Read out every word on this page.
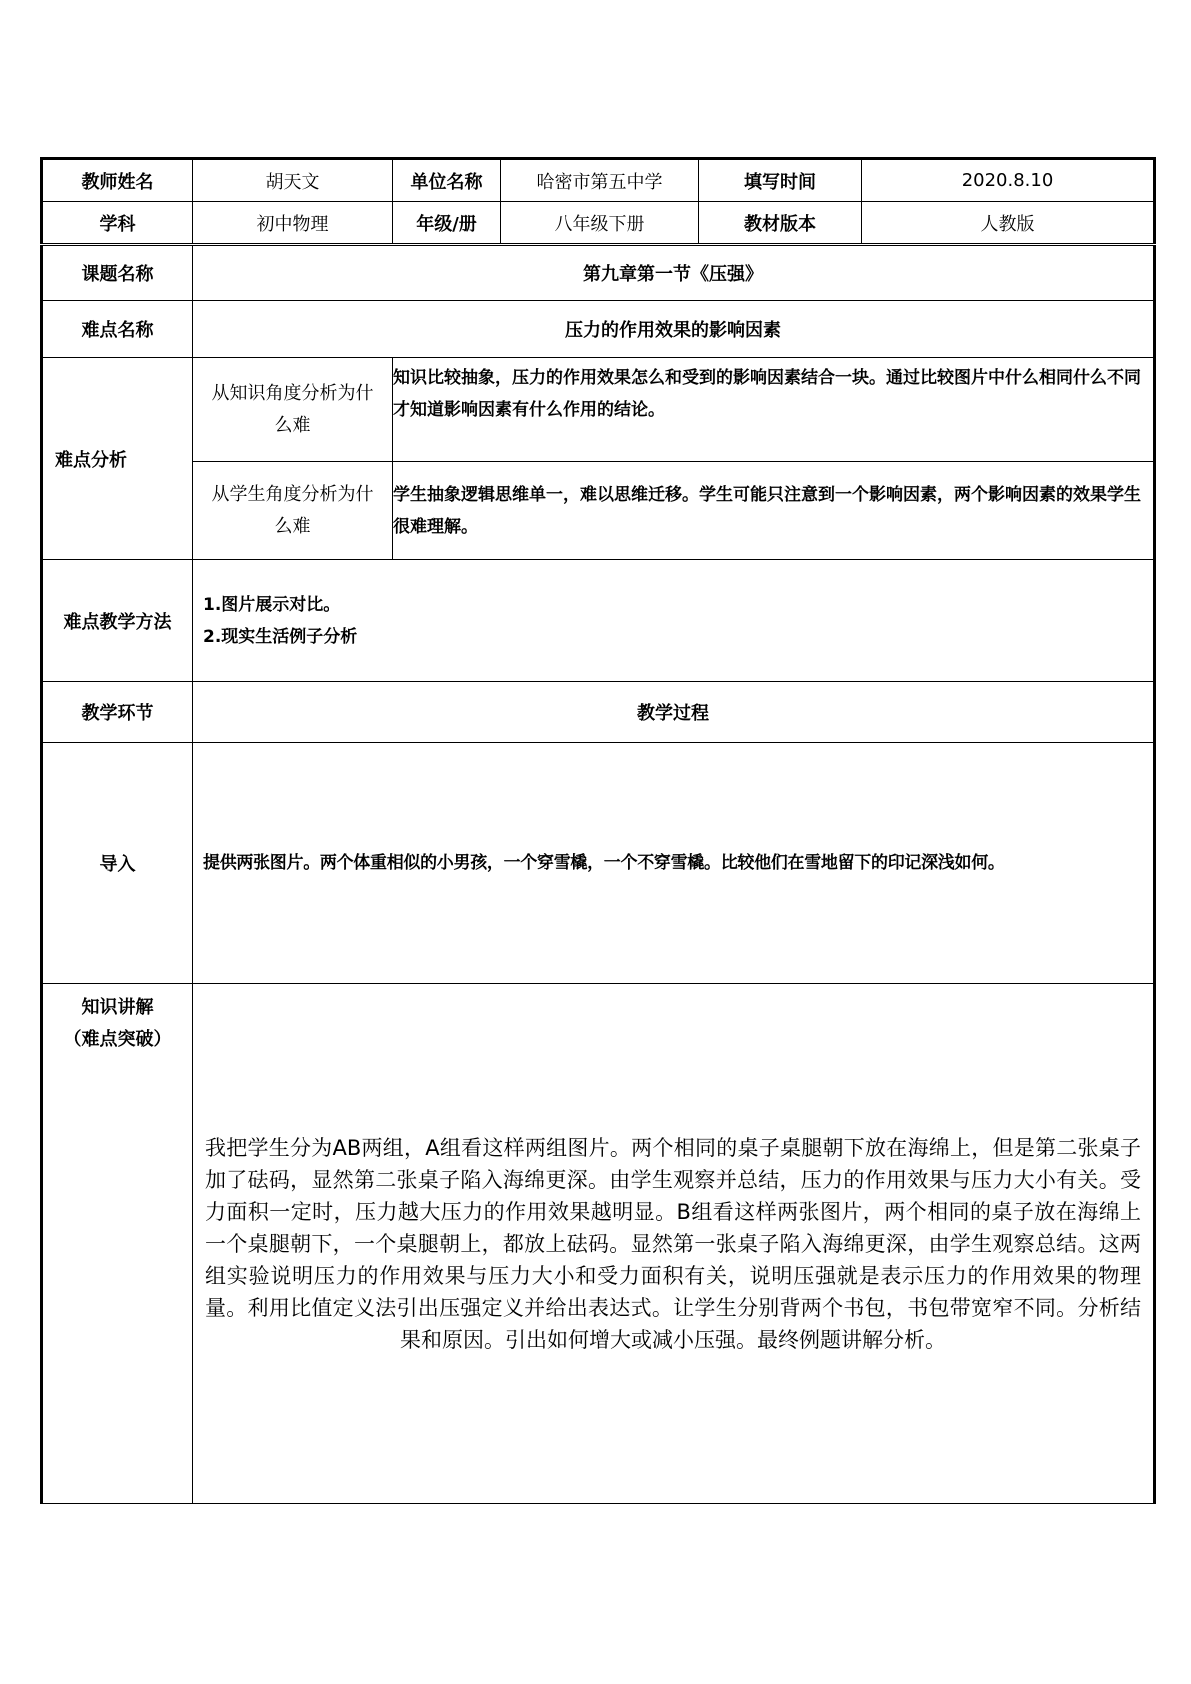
教师姓名	胡天文	单位名称	哈密市第五中学	填写时间	2020.8.10
学科	初中物理	年级/册	八年级下册	教材版本	人教版
课题名称	第九章第一节《压强》				
难点名称	压力的作用效果的影响因素				
难点分析	从知识角度分析为什么难	知识比较抽象，压力的作用效果怎么和受到的影响因素结合一块。通过比较图片中什么相同什么不同才知道影响因素有什么作用的结论。			
	从学生角度分析为什么难	学生抽象逻辑思维单一，难以思维迁移。学生可能只注意到一个影响因素，两个影响因素的效果学生很难理解。			
难点教学方法	1.图片展示对比。
2.现实生活例子分析				

教学环节	教学过程				
导入	提供两张图片。两个体重相似的小男孩，一个穿雪橇，一个不穿雪橇。比较他们在雪地留下的印记深浅如何。				

知识讲解
（难点突破）	我把学生分为AB两组，A组看这样两组图片。两个相同的桌子桌腿朝下放在海绵上，但是第二张桌子加了砝码，显然第二张桌子陷入海绵更深。由学生观察并总结，压力的作用效果与压力大小有关。受力面积一定时，压力越大压力的作用效果越明显。B组看这样两张图片，两个相同的桌子放在海绵上一个桌腿朝下，一个桌腿朝上，都放上砝码。显然第一张桌子陷入海绵更深，由学生观察总结。这两组实验说明压力的作用效果与压力大小和受力面积有关，说明压强就是表示压力的作用效果的物理量。利用比值定义法引出压强定义并给出表达式。让学生分别背两个书包，书包带宽窄不同。分析结果和原因。引出如何增大或减小压强。最终例题讲解分析。				
